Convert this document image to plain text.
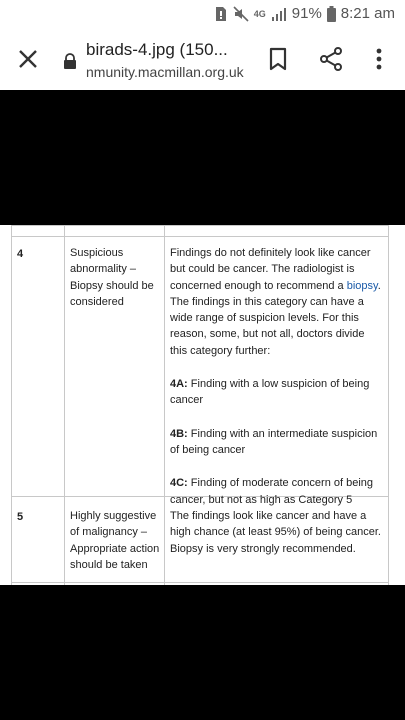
4G 91% 8:21 am
birads-4.jpg (150...
nmunity.macmillan.org.uk
4	Suspicious abnormality – Biopsy should be considered
Findings do not definitely look like cancer but could be cancer. The radiologist is concerned enough to recommend a biopsy. The findings in this category can have a wide range of suspicion levels. For this reason, some, but not all, doctors divide this category further:
4A: Finding with a low suspicion of being cancer
4B: Finding with an intermediate suspicion of being cancer
4C: Finding of moderate concern of being cancer, but not as high as Category 5
5	Highly suggestive of malignancy – Appropriate action should be taken
The findings look like cancer and have a high chance (at least 95%) of being cancer. Biopsy is very strongly recommended.
